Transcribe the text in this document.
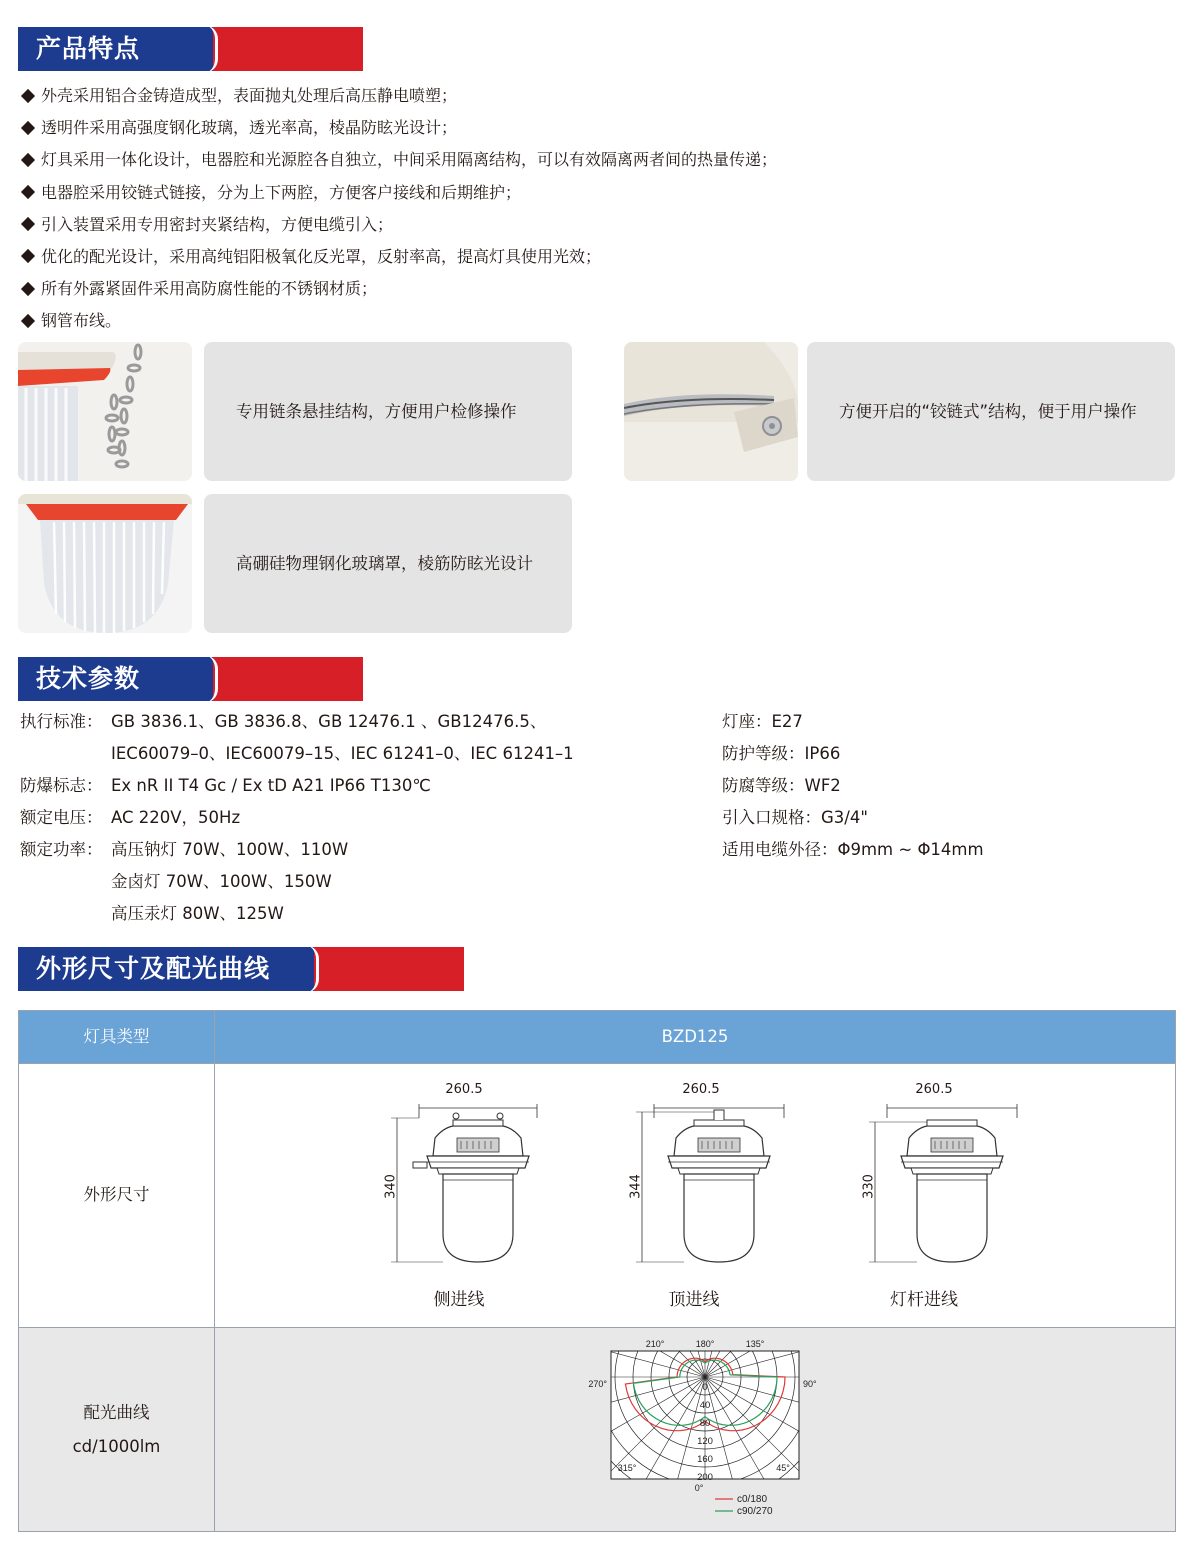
产品特点
外壳采用铝合金铸造成型，表面抛丸处理后高压静电喷塑；
透明件采用高强度钢化玻璃，透光率高，棱晶防眩光设计；
灯具采用一体化设计，电器腔和光源腔各自独立，中间采用隔离结构，可以有效隔离两者间的热量传递；
电器腔采用铰链式链接，分为上下两腔，方便客户接线和后期维护；
引入装置采用专用密封夹紧结构，方便电缆引入；
优化的配光设计，采用高纯铝阳极氧化反光罩，反射率高，提高灯具使用光效；
所有外露紧固件采用高防腐性能的不锈钢材质；
钢管布线。
专用链条悬挂结构，方便用户检修操作	方便开启的“铰链式”结构，便于用户操作
高硼硅物理钢化玻璃罩，棱筋防眩光设计
技术参数
执行标准： GB 3836.1、GB 3836.8、GB 12476.1 、GB12476.5、
IEC60079–0、IEC60079–15、IEC 61241–0、IEC 61241–1
防爆标志： Ex nR II T4 Gc / Ex tD A21 IP66 T130℃
额定电压： AC 220V，50Hz
额定功率： 高压钠灯 70W、100W、110W
金卤灯 70W、100W、150W
高压汞灯 80W、125W
灯座：E27
防护等级：IP66
防腐等级：WF2
引入口规格：G3/4"
适用电缆外径：Φ9mm ~ Φ14mm
外形尺寸及配光曲线
灯具类型	BZD125
外形尺寸
配光曲线
cd/1000lm
260.5	260.5	260.5
340	344	330
侧进线	顶进线	灯杆进线
210°	180°	135°
270°	90°
315°	45°
0°
0
40
80
120
160
200
c0/180
c90/270
